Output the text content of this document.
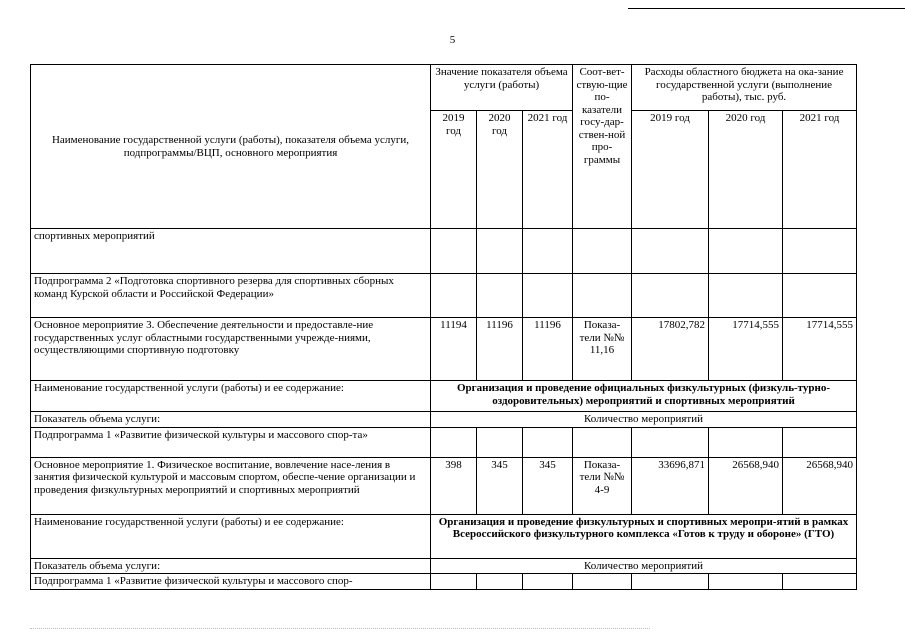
5
Наименование государственной услуги (работы), показателя объема услуги, подпрограммы/ВЦП, основного мероприятия	Значение показателя объема услуги (работы)			Соот-вет-ствую-щие по-казатели госу-дар-ствен-ной про-граммы	Расходы областного бюджета на ока-зание государственной услуги (выполнение работы), тыс. руб.		
	2019 год	2020 год	2021 год		2019 год	2020 год	2021 год
спортивных мероприятий							
Подпрограмма 2 «Подготовка спортивного резерва для спортивных сборных команд Курской области и Российской Федерации»							
Основное мероприятие 3. Обеспечение деятельности и предоставле-ние государственных услуг областными государственными учрежде-ниями, осуществляющими спортивную подготовку	11194	11196	11196	Показа-тели №№ 11,16	17802,782	17714,555	17714,555
Наименование государственной услуги (работы) и ее содержание:	Организация и проведение официальных физкультурных (физкуль-турно-оздоровительных) мероприятий и спортивных мероприятий						
Показатель объема услуги:	Количество мероприятий						
Подпрограмма 1 «Развитие физической культуры и массового спор-та»							
Основное мероприятие 1. Физическое воспитание, вовлечение насе-ления в занятия физической культурой и массовым спортом, обеспе-чение организации и проведения физкультурных мероприятий и спортивных мероприятий	398	345	345	Показа-тели №№ 4-9	33696,871	26568,940	26568,940
Наименование государственной услуги (работы) и ее содержание:	Организация и проведение физкультурных и спортивных меропри-ятий в рамках Всероссийского физкультурного комплекса «Готов к труду и обороне» (ГТО)						
Показатель объема услуги:	Количество мероприятий						
Подпрограмма 1 «Развитие физической культуры и массового спор-							
